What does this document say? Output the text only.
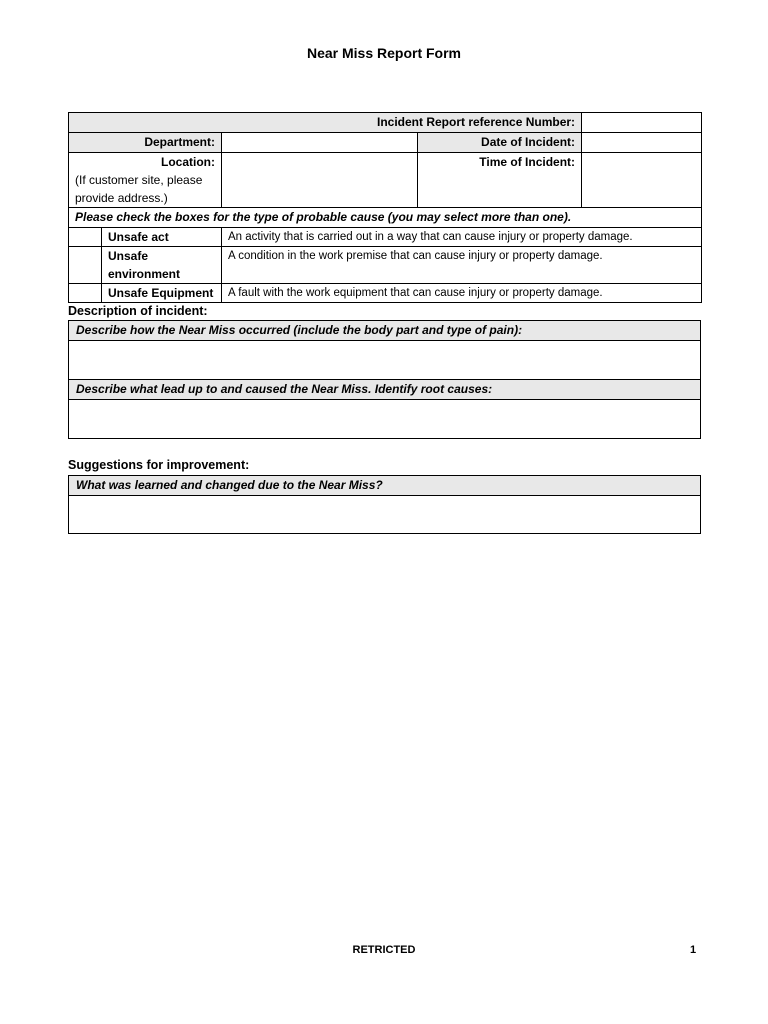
Near Miss Report Form
Incident Report reference Number:				
Department:			Date of Incident:	

Location:
(If customer site, please
provide address.)			Time of Incident:	
Please check the boxes for the type of probable cause (you may select more than one).				
	Unsafe act	An activity that is carried out in a way that can cause injury or property damage.		
	Unsafe environment	A condition in the work premise that can cause injury or property damage.		
	Unsafe Equipment	A fault with the work equipment that can cause injury or property damage.		
Description of incident:
Describe how the Near Miss occurred (include the body part and type of pain):

Describe what lead up to and caused the Near Miss. Identify root causes:

Suggestions for improvement:
What was learned and changed due to the Near Miss?

RETRICTED	1
